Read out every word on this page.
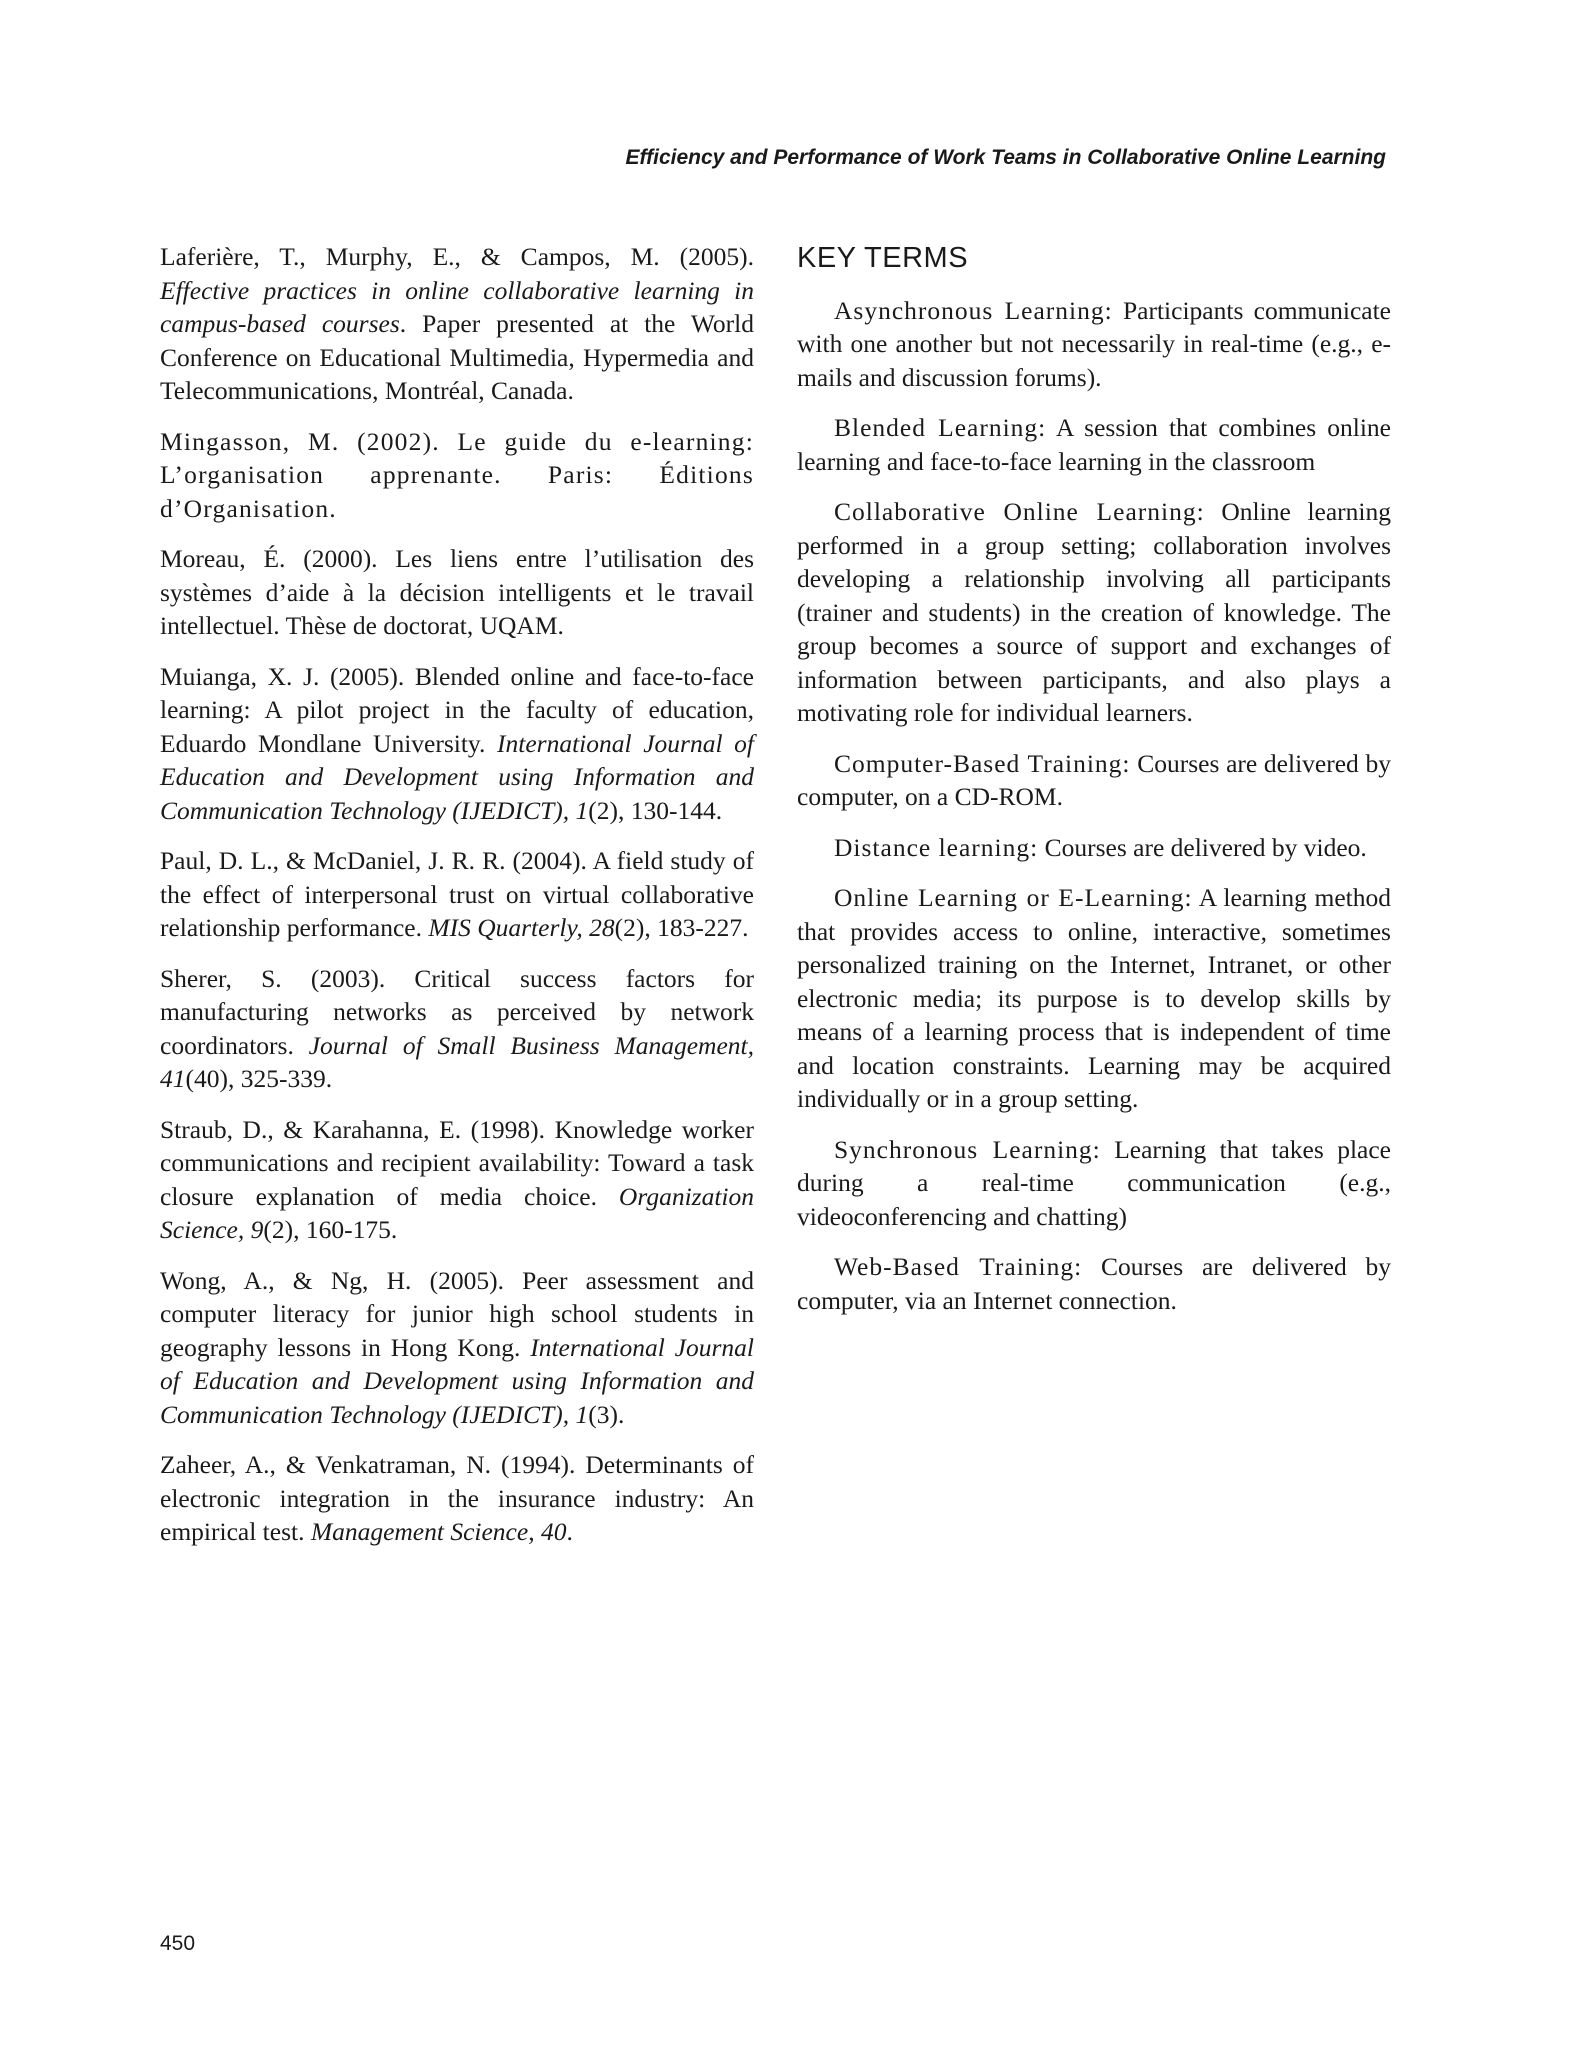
Efficiency and Performance of Work Teams in Collaborative Online Learning

Laferière, T., Murphy, E., & Campos, M. (2005). Effective practices in online collaborative learning in campus-based courses. Paper presented at the World Conference on Educational Multimedia, Hypermedia and Telecommunications, Montréal, Canada.

Mingasson, M. (2002). Le guide du e-learning: L’organisation apprenante. Paris: Éditions d’Organisation.

Moreau, É. (2000). Les liens entre l’utilisation des systèmes d’aide à la décision intelligents et le travail intellectuel. Thèse de doctorat, UQAM.

Muianga, X. J. (2005). Blended online and face-to-face learning: A pilot project in the faculty of education, Eduardo Mondlane University. International Journal of Education and Development using Information and Communication Technology (IJEDICT), 1(2), 130-144.

Paul, D. L., & McDaniel, J. R. R. (2004). A field study of the effect of interpersonal trust on virtual collaborative relationship performance. MIS Quarterly, 28(2), 183-227.

Sherer, S. (2003). Critical success factors for manufacturing networks as perceived by network coordinators. Journal of Small Business Management, 41(40), 325-339.

Straub, D., & Karahanna, E. (1998). Knowledge worker communications and recipient availability: Toward a task closure explanation of media choice. Organization Science, 9(2), 160-175.

Wong, A., & Ng, H. (2005). Peer assessment and computer literacy for junior high school students in geography lessons in Hong Kong. International Journal of Education and Development using Information and Communication Technology (IJEDICT), 1(3).

Zaheer, A., & Venkatraman, N. (1994). Determinants of electronic integration in the insurance industry: An empirical test. Management Science, 40.

KEY TERMS

Asynchronous Learning: Participants communicate with one another but not necessarily in real-time (e.g., e-mails and discussion forums).

Blended Learning: A session that combines online learning and face-to-face learning in the classroom

Collaborative Online Learning: Online learning performed in a group setting; collaboration involves developing a relationship involving all participants (trainer and students) in the creation of knowledge. The group becomes a source of support and exchanges of information between participants, and also plays a motivating role for individual learners.

Computer-Based Training: Courses are delivered by computer, on a CD-ROM.

Distance learning: Courses are delivered by video.

Online Learning or E-Learning: A learning method that provides access to online, interactive, sometimes personalized training on the Internet, Intranet, or other electronic media; its purpose is to develop skills by means of a learning process that is independent of time and location constraints. Learning may be acquired individually or in a group setting.

Synchronous Learning: Learning that takes place during a real-time communication (e.g., videoconferencing and chatting)

Web-Based Training: Courses are delivered by computer, via an Internet connection.

450
